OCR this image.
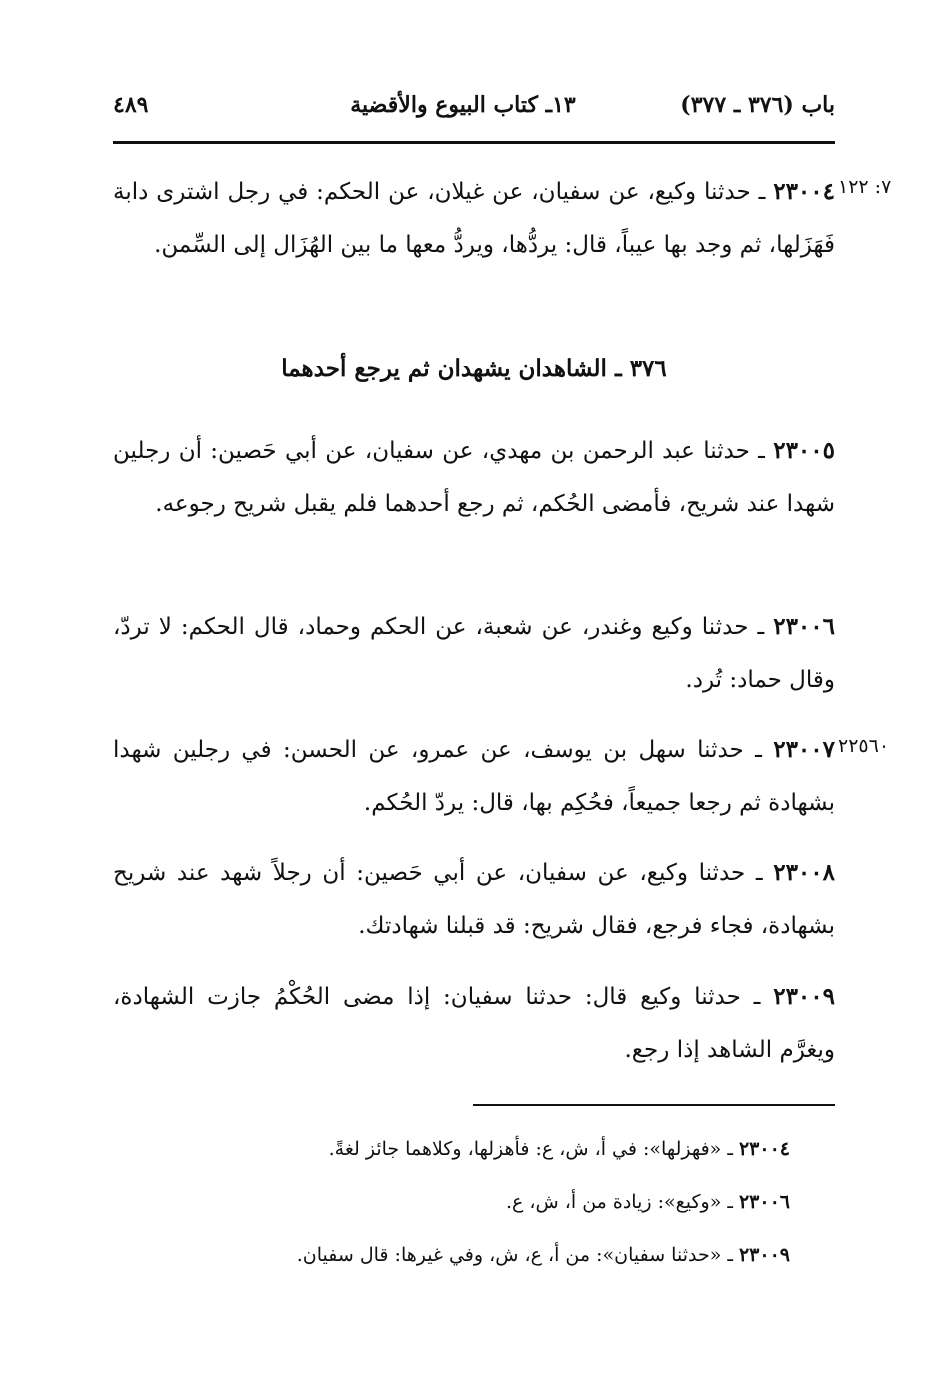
باب (٣٧٦ ـ ٣٧٧)
١٣ـ كتاب البيوع والأقضية
٤٨٩
٧: ١٢٢
٢٢٥٦٠
٢٣٠٠٤ ـ حدثنا وكيع، عن سفيان، عن غيلان، عن الحكم: في رجل اشترى دابة فَهَزَلها، ثم وجد بها عيباً، قال: يردُّها، ويردُّ معها ما بين الهُزَال إلى السِّمن.
٣٧٦ ـ الشاهدان يشهدان ثم يرجع أحدهما
٢٣٠٠٥ ـ حدثنا عبد الرحمن بن مهدي، عن سفيان، عن أبي حَصين: أن رجلين شهدا عند شريح، فأمضى الحُكم، ثم رجع أحدهما فلم يقبل شريح رجوعه.
٢٣٠٠٦ ـ حدثنا وكيع وغندر، عن شعبة، عن الحكم وحماد، قال الحكم: لا تردّ، وقال حماد: تُرد.
٢٣٠٠٧ ـ حدثنا سهل بن يوسف، عن عمرو، عن الحسن: في رجلين شهدا بشهادة ثم رجعا جميعاً، فحُكِم بها، قال: يردّ الحُكم.
٢٣٠٠٨ ـ حدثنا وكيع، عن سفيان، عن أبي حَصين: أن رجلاً شهد عند شريح بشهادة، فجاء فرجع، فقال شريح: قد قبلنا شهادتك.
٢٣٠٠٩ ـ حدثنا وكيع قال: حدثنا سفيان: إذا مضى الحُكْمُ جازت الشهادة، ويغرَّم الشاهد إذا رجع.
٢٣٠٠٤ ـ «فهزلها»: في أ، ش، ع: فأهزلها، وكلاهما جائز لغةً.
٢٣٠٠٦ ـ «وكيع»: زيادة من أ، ش، ع.
٢٣٠٠٩ ـ «حدثنا سفيان»: من أ، ع، ش، وفي غيرها: قال سفيان.
